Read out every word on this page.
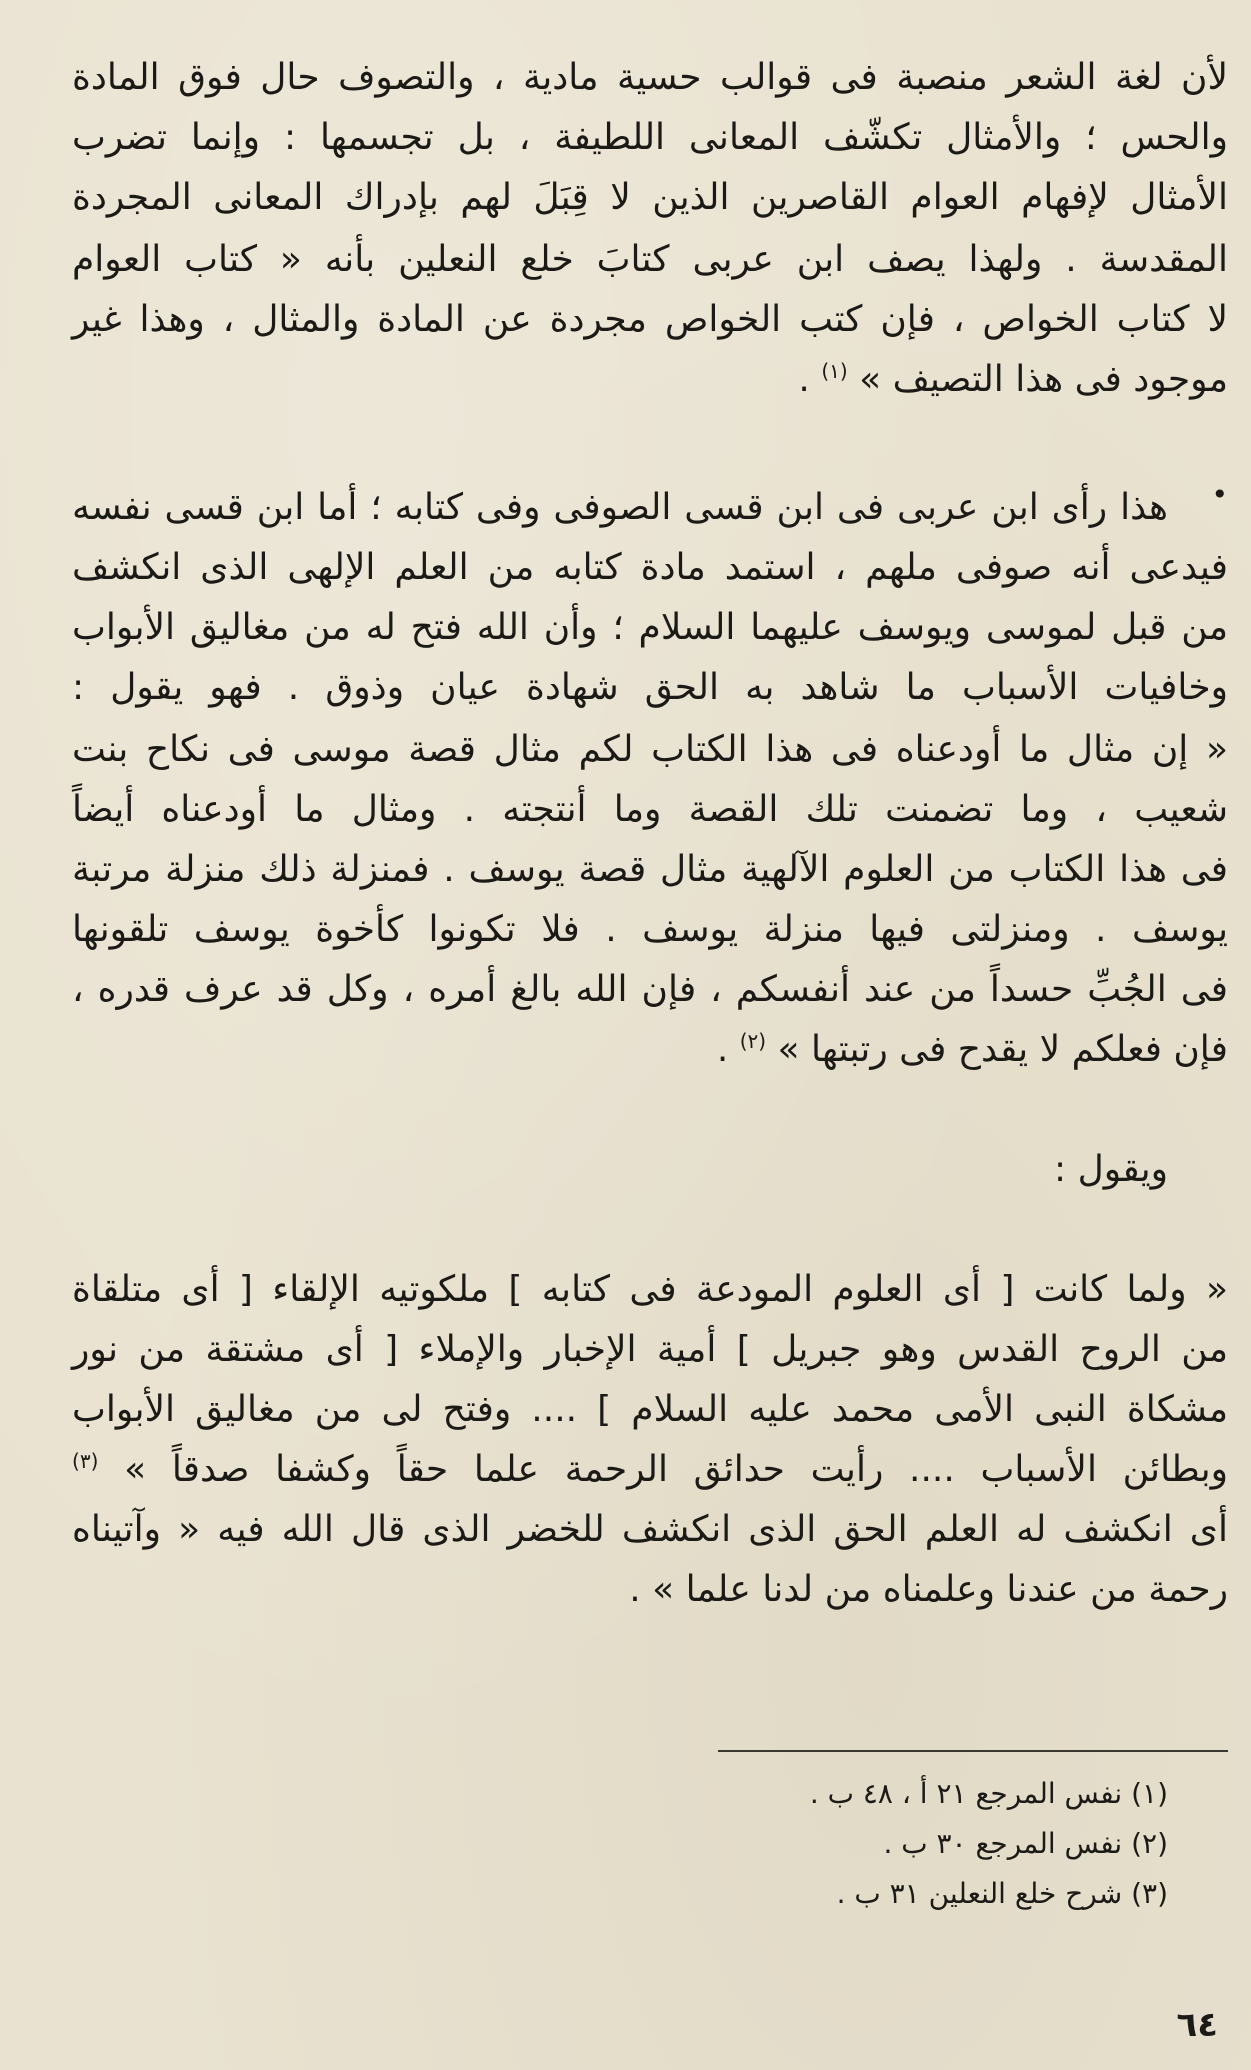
لأن لغة الشعر منصبة فى قوالب حسية مادية ، والتصوف حال فوق المادة
والحس ؛ والأمثال تكشّف المعانى اللطيفة ، بل تجسمها : وإنما تضرب
الأمثال لإفهام العوام القاصرين الذين لا قِبَلَ لهم بإدراك المعانى المجردة
المقدسة . ولهذا يصف ابن عربى كتابَ خلع النعلين بأنه « كتاب العوام
لا كتاب الخواص ، فإن كتب الخواص مجردة عن المادة والمثال ، وهذا غير
موجود فى هذا التصيف » $^{(١)}$ .
•
هذا رأى ابن عربى فى ابن قسى الصوفى وفى كتابه ؛ أما ابن قسى نفسه
فيدعى أنه صوفى ملهم ، استمد مادة كتابه من العلم الإلهى الذى انكشف
من قبل لموسى ويوسف عليهما السلام ؛ وأن الله فتح له من مغاليق الأبواب
وخافيات الأسباب ما شاهد به الحق شهادة عيان وذوق . فهو يقول :
« إن مثال ما أودعناه فى هذا الكتاب لكم مثال قصة موسى فى نكاح بنت
شعيب ، وما تضمنت تلك القصة وما أنتجته . ومثال ما أودعناه أيضاً
فى هذا الكتاب من العلوم الآلهية مثال قصة يوسف . فمنزلة ذلك منزلة مرتبة
يوسف . ومنزلتى فيها منزلة يوسف . فلا تكونوا كأخوة يوسف تلقونها
فى الجُبِّ حسداً من عند أنفسكم ، فإن الله بالغ أمره ، وكل قد عرف قدره ،
فإن فعلكم لا يقدح فى رتبتها » $^{(٢)}$ .
ويقول :
« ولما كانت [ أى العلوم المودعة فى كتابه ] ملكوتيه الإلقاء [ أى متلقاة
من الروح القدس وهو جبريل ] أمية الإخبار والإملاء [ أى مشتقة من نور
مشكاة النبى الأمى محمد عليه السلام ] .... وفتح لى من مغاليق الأبواب
وبطائن الأسباب .... رأيت حدائق الرحمة علما حقاً وكشفا صدقاً » $^{(٣)}$
أى انكشف له العلم الحق الذى انكشف للخضر الذى قال الله فيه « وآتيناه
رحمة من عندنا وعلمناه من لدنا علما » .
(١) نفس المرجع ٢١ أ ، ٤٨ ب .
(٢) نفس المرجع ٣٠ ب .
(٣) شرح خلع النعلين ٣١ ب .
٦٤
